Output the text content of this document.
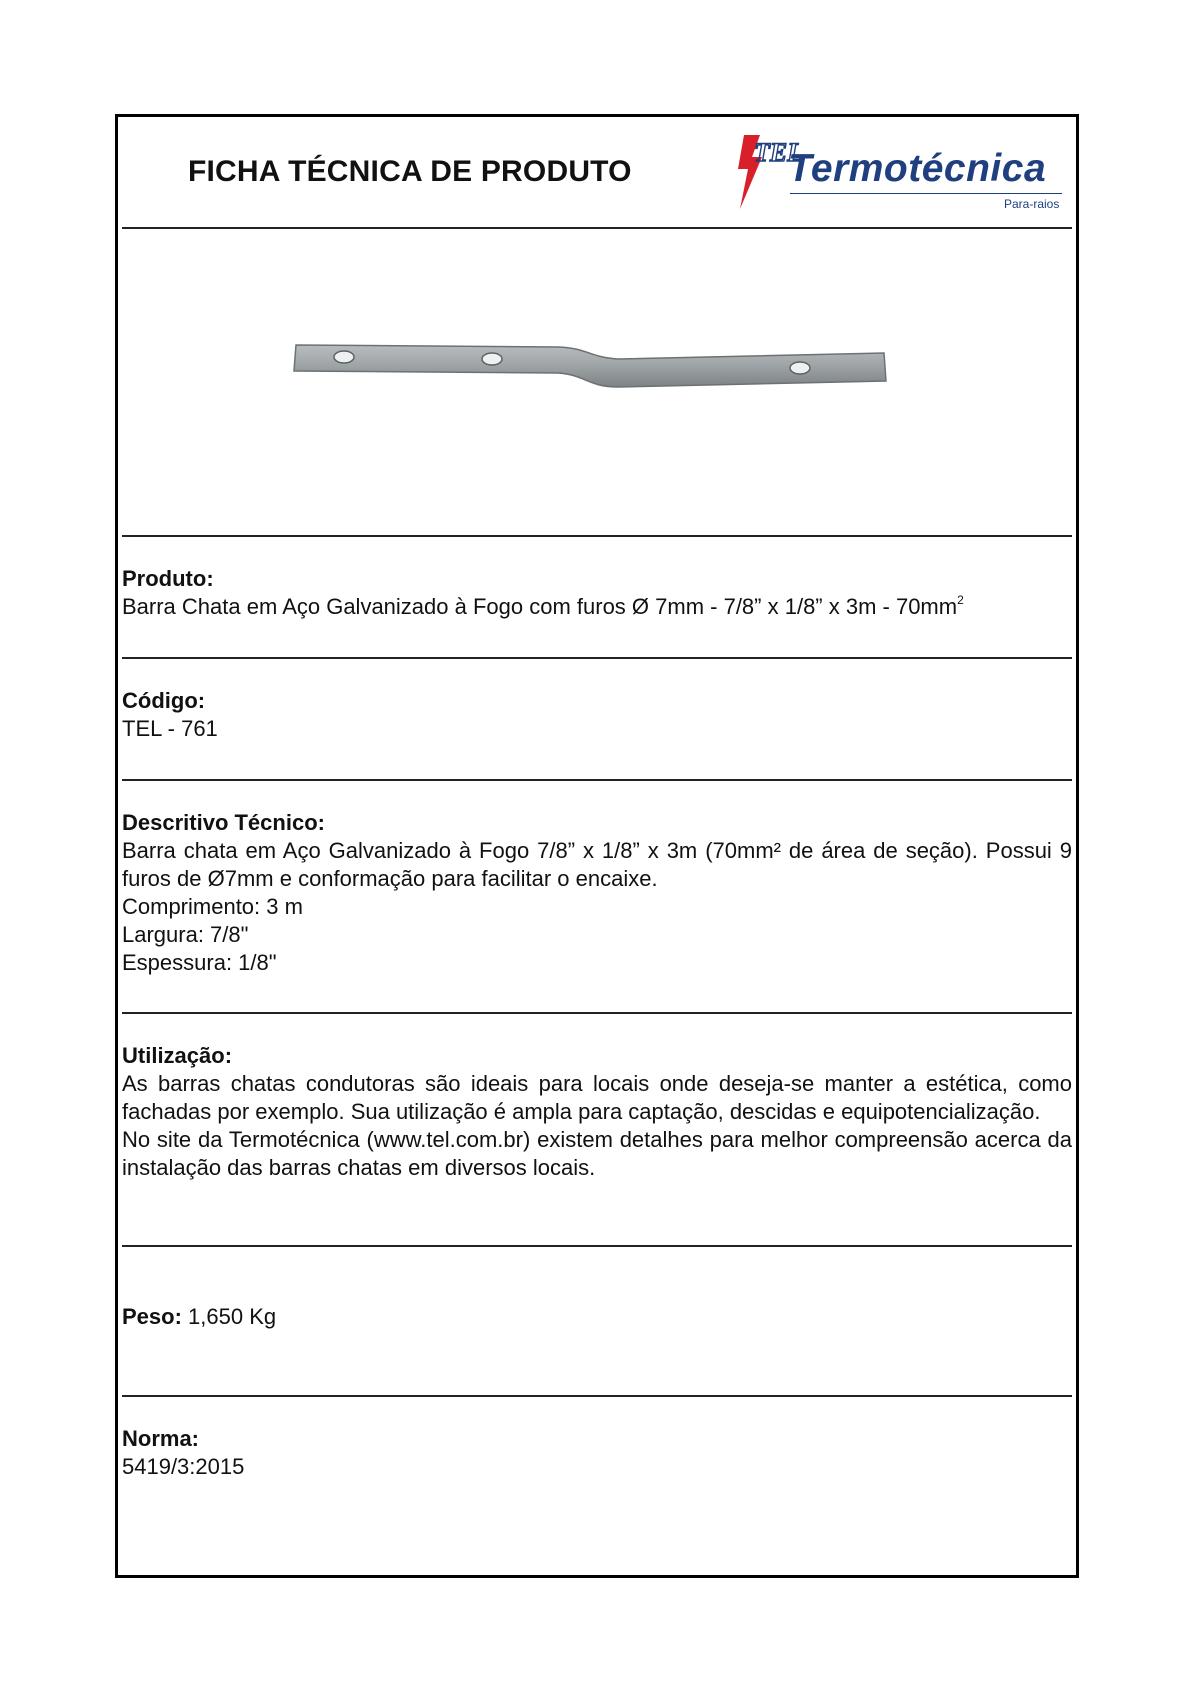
FICHA TÉCNICA DE PRODUTO
TEL
Termotécnica
Para-raios
Produto:
Barra Chata em Aço Galvanizado à Fogo com furos Ø 7mm - 7/8” x 1/8” x $3m - 70mm^2$
Código:
TEL - 761
Descritivo Técnico:
Barra chata em Aço Galvanizado à Fogo 7/8” x 1/8” x 3m (70mm² de área de seção). Possui 9 furos de Ø7mm e conformação para facilitar o encaixe.
Comprimento: 3 m
Largura: 7/8"
Espessura: 1/8"
Utilização:
As barras chatas condutoras são ideais para locais onde deseja-se manter a estética, como fachadas por exemplo. Sua utilização é ampla para captação, descidas e equipotencialização.
No site da Termotécnica (www.tel.com.br) existem detalhes para melhor compreensão acerca da instalação das barras chatas em diversos locais.
Peso: 1,650 Kg
Norma:
5419/3:2015
